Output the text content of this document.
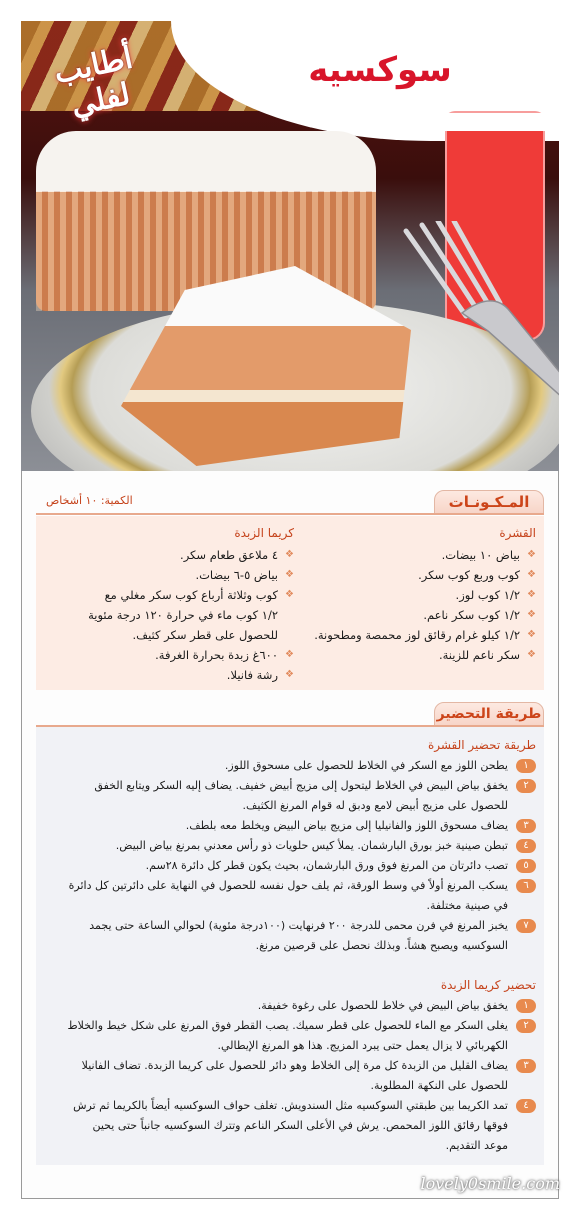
أطايب لفلي
سوكسيه
المـكـونـات
الكمية: ١٠ أشخاص
القشرة
❖ بياض ١٠ بيضات.
❖ كوب وربع كوب سكر.
❖ ١/٢ كوب لوز.
❖ ١/٢ كوب سكر ناعم.
❖ ١/٢ كيلو غرام رقائق لوز محمصة ومطحونة.
❖ سكر ناعم للزينة.
كريما الزبدة
❖ ٤ ملاعق طعام سكر.
❖ بياض ٥-٦ بيضات.
❖ كوب وثلاثة أرباع كوب سكر مغلي مع
١/٢ كوب ماء في حرارة ١٢٠ درجة مئوية
للحصول على قطر سكر كثيف.
❖ ٦٠٠غ زبدة بحرارة الغرفة.
❖ رشة فانيلا.
طريقة التحضير
طريقة تحضير القشرة
١
يطحن اللوز مع السكر في الخلاط للحصول على مسحوق اللوز.
٢
يخفق بياض البيض في الخلاط ليتحول إلى مزيج أبيض خفيف. يضاف إليه السكر ويتابع الخفق للحصول على مزيج أبيض لامع ودبق له قوام المرنغ الكثيف.
٣
يضاف مسحوق اللوز والفانيليا إلى مزيج بياض البيض ويخلط معه بلطف.
٤
تبطن صينية خبز بورق البارشمان. يملأ كيس حلويات ذو رأس معدني بمرنغ بياض البيض.
٥
تصب دائرتان من المرنغ فوق ورق البارشمان، بحيث يكون قطر كل دائرة ٢٨سم.
٦
يسكب المرنغ أولاً في وسط الورقة، ثم يلف حول نفسه للحصول في النهاية على دائرتين كل دائرة في صينية مختلفة.
٧
يخبز المرنغ في فرن محمى للدرجة ٢٠٠ فرنهايت (١٠٠درجة مئوية) لحوالي الساعة حتى يجمد السوكسيه ويصبح هشاً. وبذلك نحصل على قرصين مرنغ.
تحضير كريما الزبدة
١
يخفق بياض البيض في خلاط للحصول على رغوة خفيفة.
٢
يغلى السكر مع الماء للحصول على قطر سميك. يصب القطر فوق المرنغ على شكل خيط والخلاط الكهربائي لا يزال يعمل حتى يبرد المزيج. هذا هو المرنغ الإيطالي.
٣
يضاف القليل من الزبدة كل مرة إلى الخلاط وهو دائر للحصول على كريما الزبدة. تضاف الفانيلا للحصول على النكهة المطلوبة.
٤
تمد الكريما بين طبقتي السوكسيه مثل السندويش. تغلف حواف السوكسيه أيضاً بالكريما ثم ترش فوقها رقائق اللوز المحمص. يرش في الأعلى السكر الناعم وتترك السوكسيه جانباً حتى يحين موعد التقديم.
lovely0smile.com
